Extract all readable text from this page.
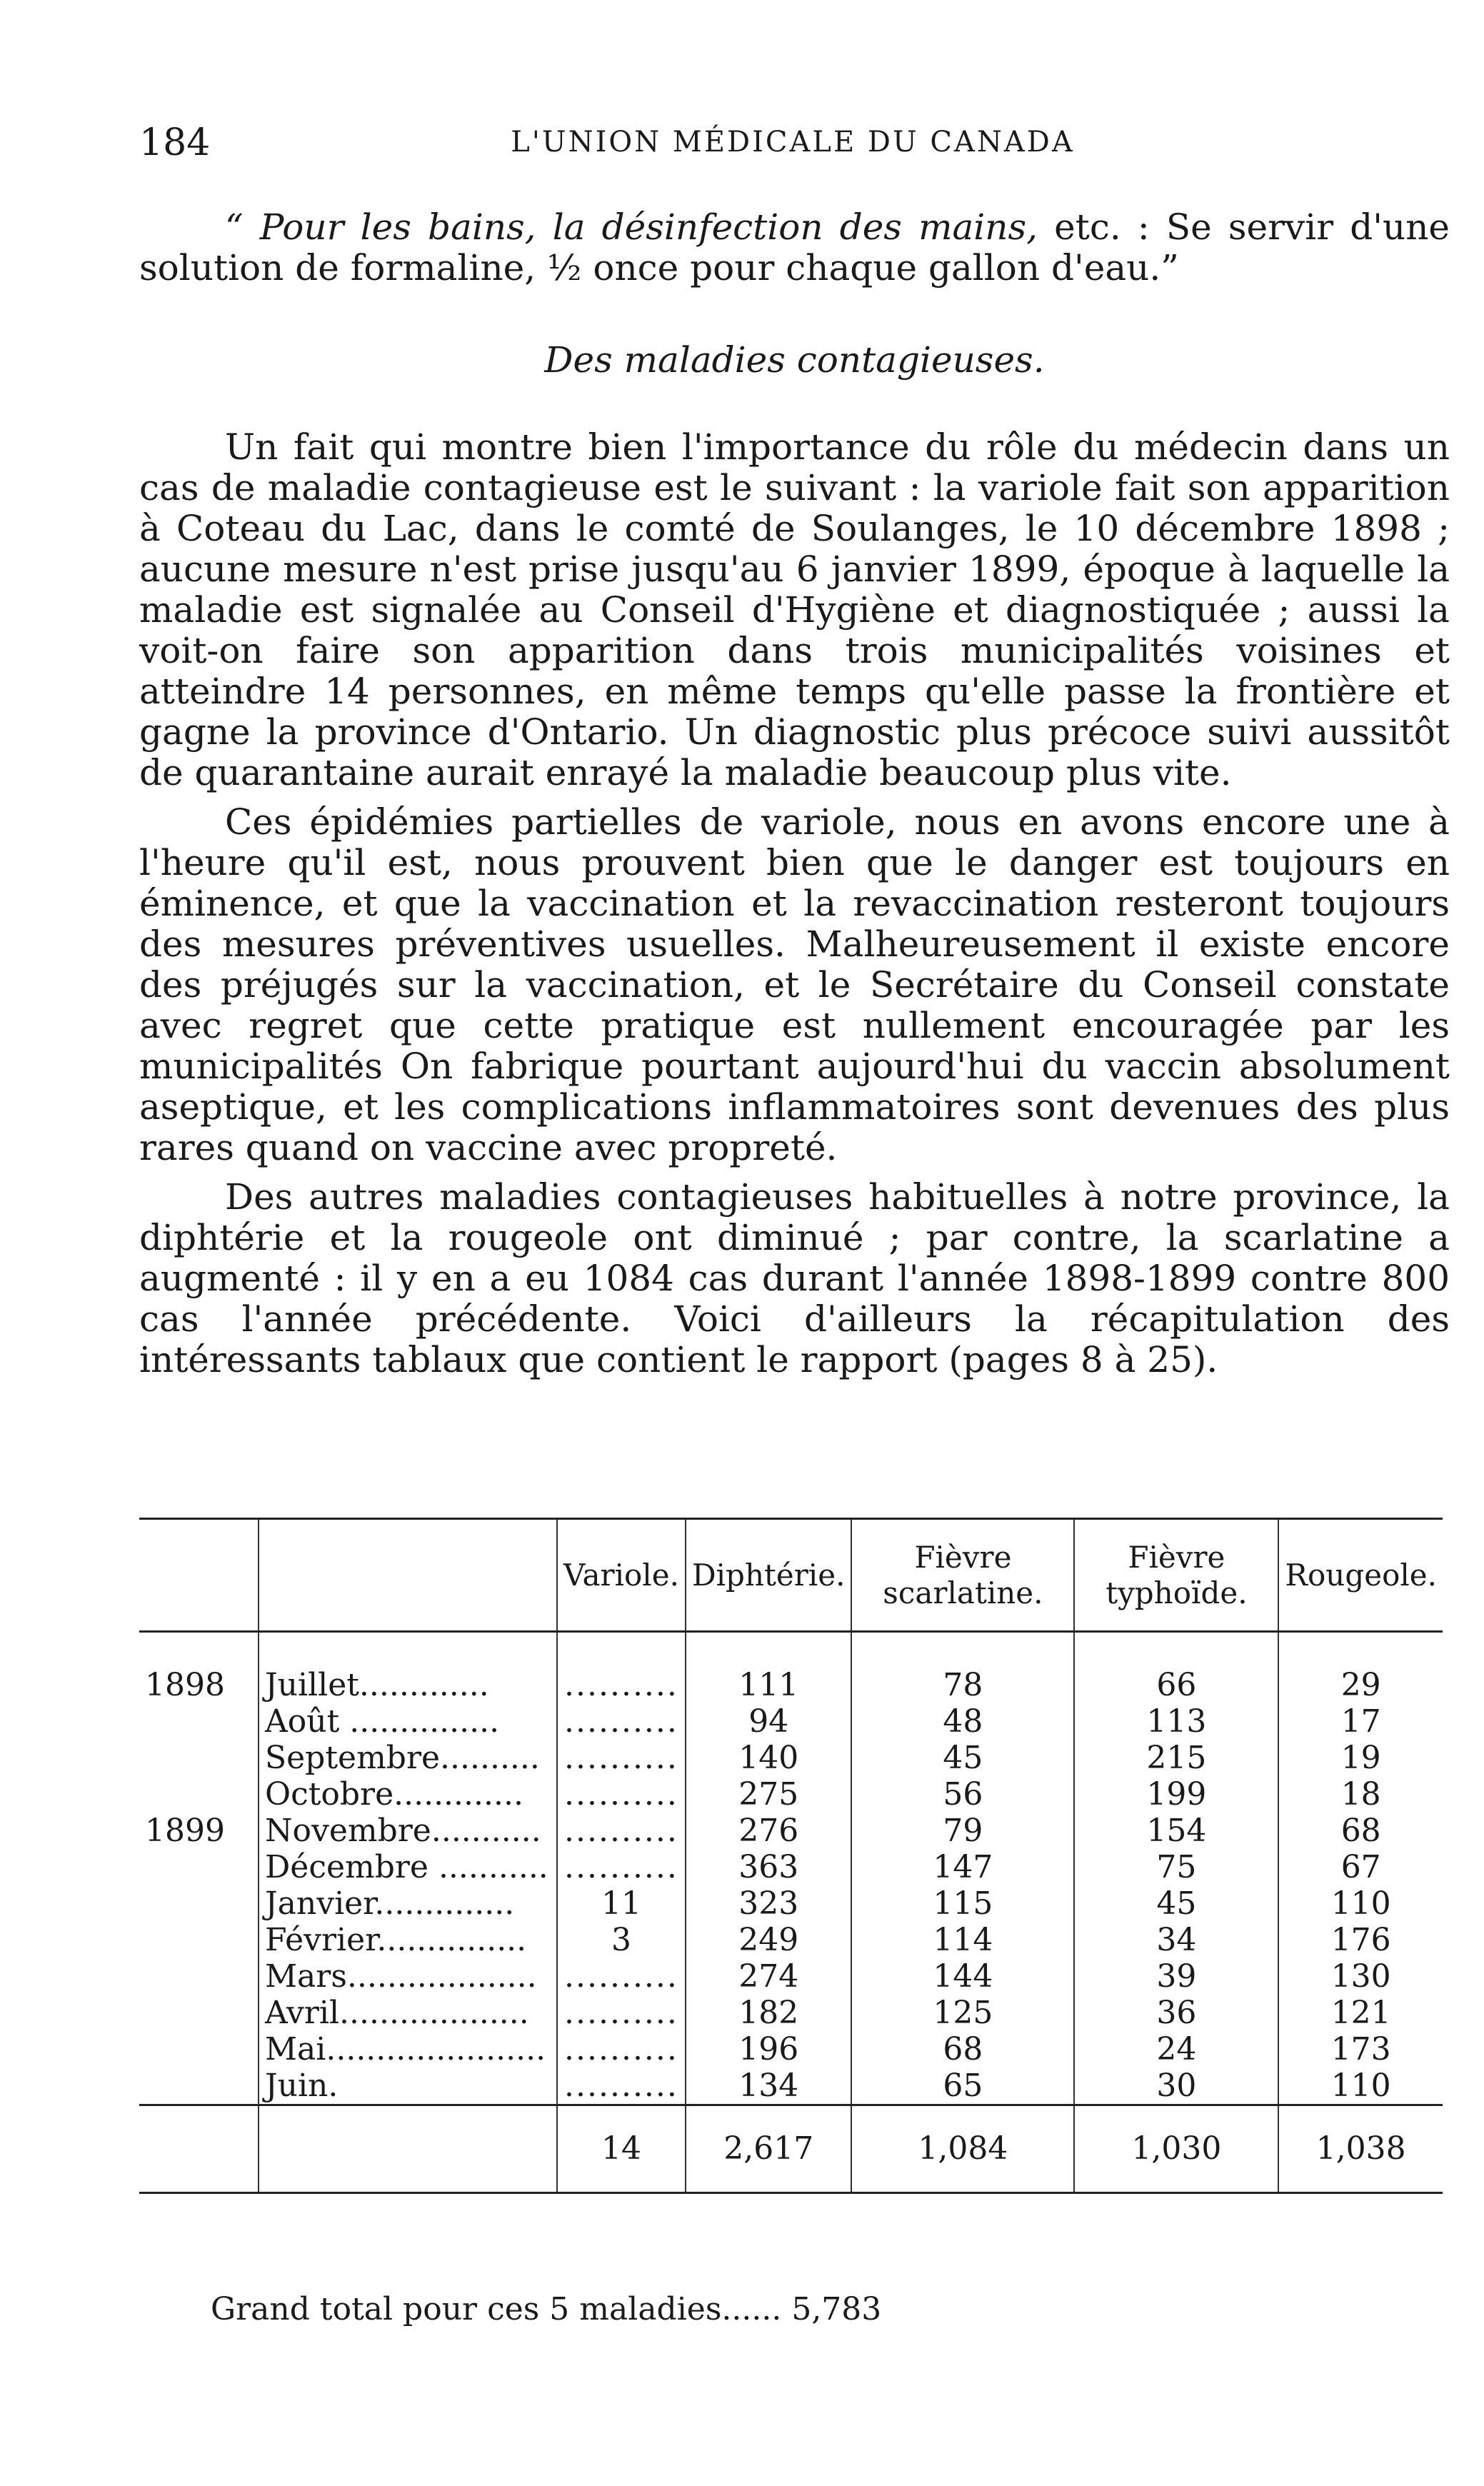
184	L'UNION MÉDICALE DU CANADA

“ Pour les bains, la désinfection des mains, etc. : Se servir d'une solution de formaline, ½ once pour chaque gallon d'eau.”

Des maladies contagieuses.

Un fait qui montre bien l'importance du rôle du médecin dans un cas de maladie contagieuse est le suivant : la variole fait son apparition à Coteau du Lac, dans le comté de Soulanges, le 10 décembre 1898 ; aucune mesure n'est prise jusqu'au 6 janvier 1899, époque à laquelle la maladie est signalée au Conseil d'Hygiène et diagnostiquée ; aussi la voit-on faire son apparition dans trois municipalités voisines et atteindre 14 personnes, en même temps qu'elle passe la frontière et gagne la province d'Ontario. Un diagnostic plus précoce suivi aussitôt de quarantaine aurait enrayé la maladie beaucoup plus vite.

Ces épidémies partielles de variole, nous en avons encore une à l'heure qu'il est, nous prouvent bien que le danger est toujours en éminence, et que la vaccination et la revaccination resteront toujours des mesures préventives usuelles. Malheureusement il existe encore des préjugés sur la vaccination, et le Secrétaire du Conseil constate avec regret que cette pratique est nullement encouragée par les municipalités On fabrique pourtant aujourd'hui du vaccin absolument aseptique, et les complications inflammatoires sont devenues des plus rares quand on vaccine avec propreté.

Des autres maladies contagieuses habituelles à notre province, la diphtérie et la rougeole ont diminué ; par contre, la scarlatine a augmenté : il y en a eu 1084 cas durant l'année 1898-1899 contre 800 cas l'année précédente. Voici d'ailleurs la récapitulation des intéressants tablaux que contient le rapport (pages 8 à 25).

		Variole.	Diphtérie.	Fièvre scarlatine.	Fièvre typhoïde.	Rougeole.
1898	Juillet.............	..........	111	78	66	29
	Août ...............	..........	94	48	113	17
	Septembre..........	..........	140	45	215	19
	Octobre.............	..........	275	56	199	18
1899	Novembre...........	..........	276	79	154	68
	Décembre ...........	..........	363	147	75	67
	Janvier..............	11	323	115	45	110
	Février...............	3	249	114	34	176
	Mars...................	..........	274	144	39	130
	Avril...................	..........	182	125	36	121
	Mai......................	..........	196	68	24	173
	Juin.	..........	134	65	30	110
		14	2,617	1,084	1,030	1,038
Grand total pour ces 5 maladies...... 5,783
